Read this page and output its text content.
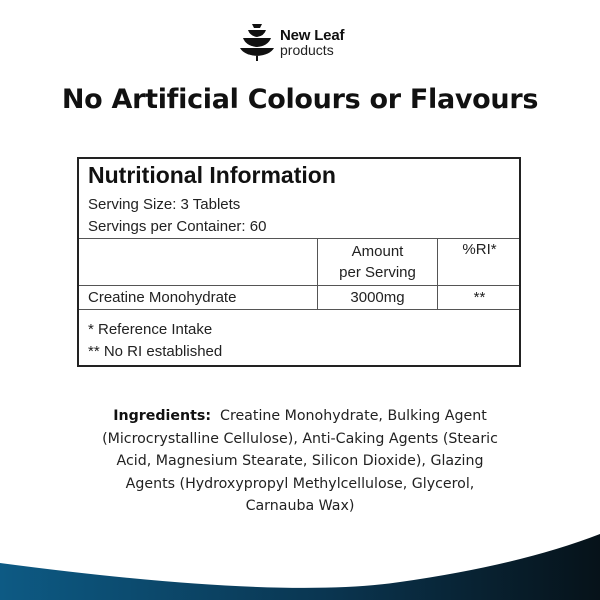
New Leaf
products
No Artificial Colours or Flavours
Nutritional Information
Serving Size: 3 Tablets
Servings per Container: 60
Amount
per Serving
%RI*
Creatine Monohydrate	3000mg	**
* Reference Intake
** No RI established
Ingredients: Creatine Monohydrate, Bulking Agent (Microcrystalline Cellulose), Anti-Caking Agents (Stearic Acid, Magnesium Stearate, Silicon Dioxide), Glazing Agents (Hydroxypropyl Methylcellulose, Glycerol, Carnauba Wax)
